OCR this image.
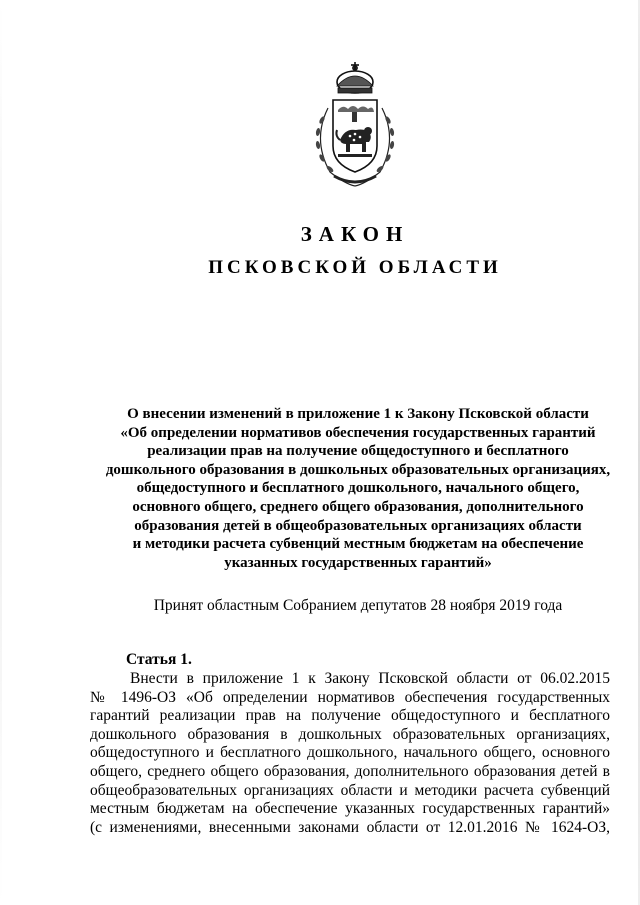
ЗАКОН
ПСКОВСКОЙ ОБЛАСТИ
О внесении изменений в приложение 1 к Закону Псковской области
«Об определении нормативов обеспечения государственных гарантий
реализации прав на получение общедоступного и бесплатного
дошкольного образования в дошкольных образовательных организациях,
общедоступного и бесплатного дошкольного, начального общего,
основного общего, среднего общего образования, дополнительного
образования детей в общеобразовательных организациях области
и методики расчета субвенций местным бюджетам на обеспечение
указанных государственных гарантий»
Принят областным Собранием депутатов 28 ноября 2019 года
Статья 1.
Внести в приложение 1 к Закону Псковской области от 06.02.2015
№ 1496-ОЗ «Об определении нормативов обеспечения государственных
гарантий реализации прав на получение общедоступного и бесплатного
дошкольного образования в дошкольных образовательных организациях,
общедоступного и бесплатного дошкольного, начального общего, основного
общего, среднего общего образования, дополнительного образования детей в
общеобразовательных организациях области и методики расчета субвенций
местным бюджетам на обеспечение указанных государственных гарантий»
(с изменениями, внесенными законами области от 12.01.2016 № 1624-ОЗ,
